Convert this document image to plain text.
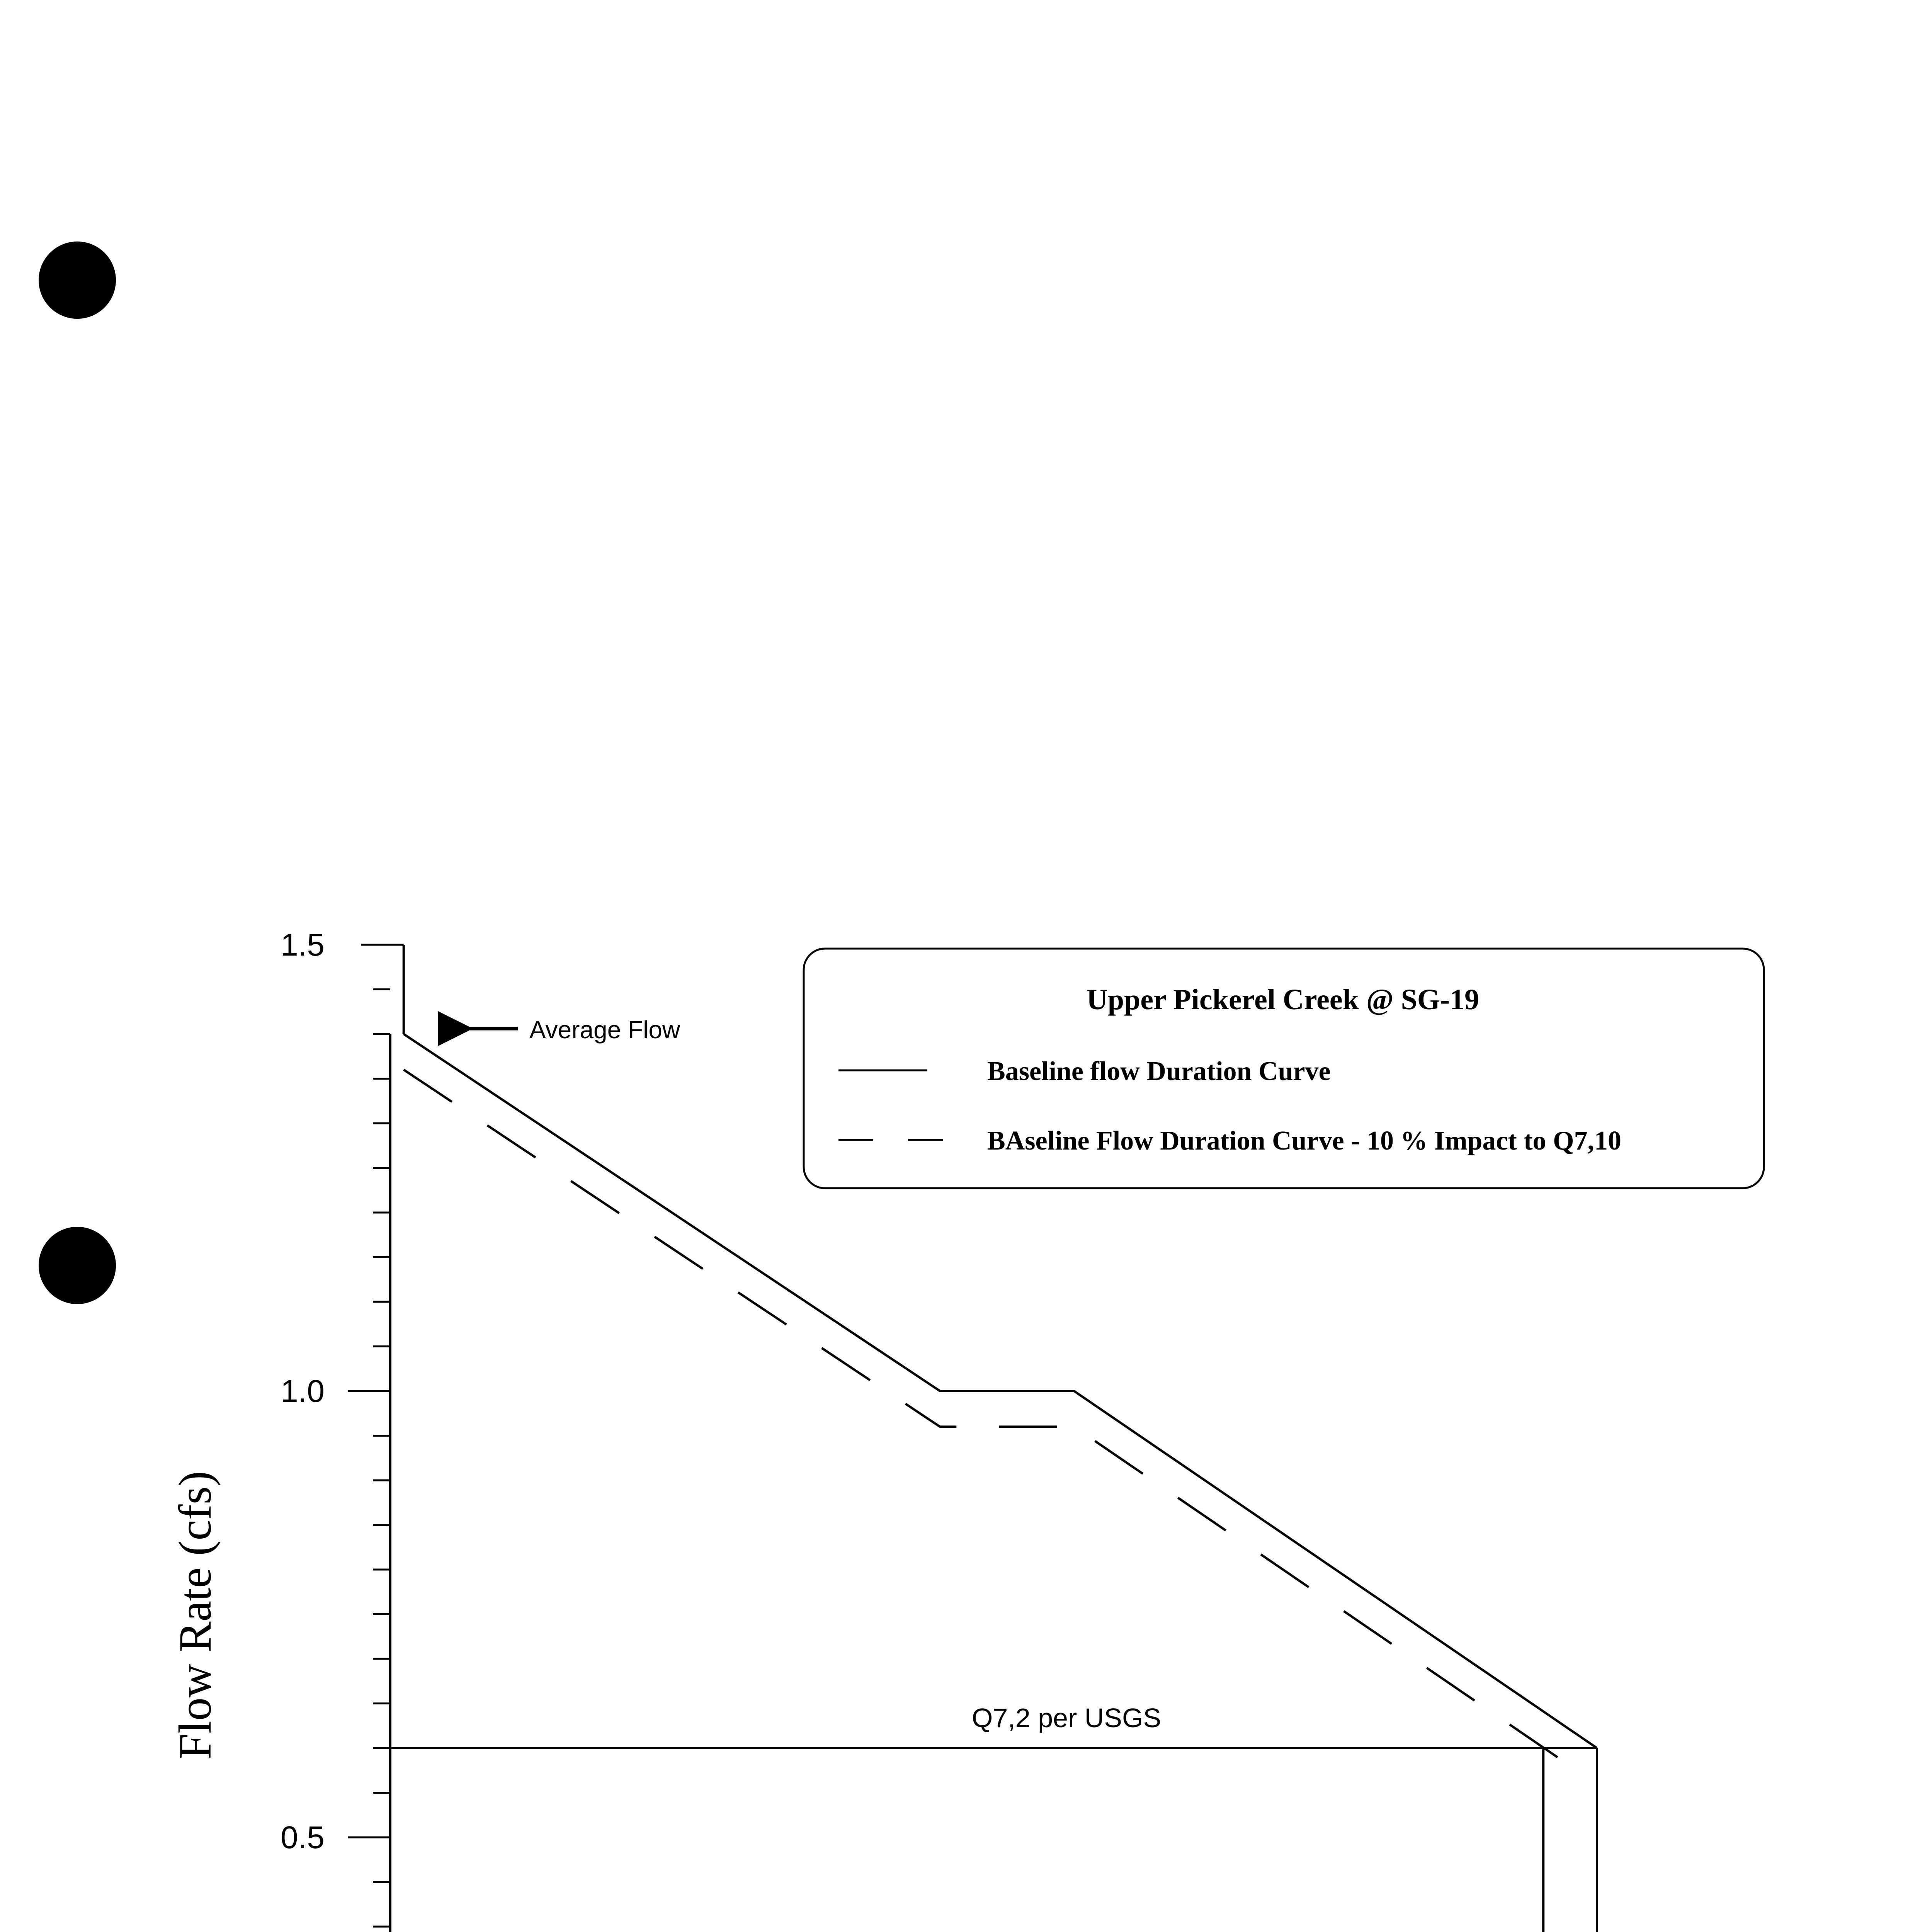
0.5
1.0
1.5
Flow Rate (cfs)	Q7,2 per USGS
Average Flow
Upper Pickerel Creek @ SG-19
Baseline flow Duration Curve
BAseline Flow Duration Curve - 10 % Impact to Q7,10
